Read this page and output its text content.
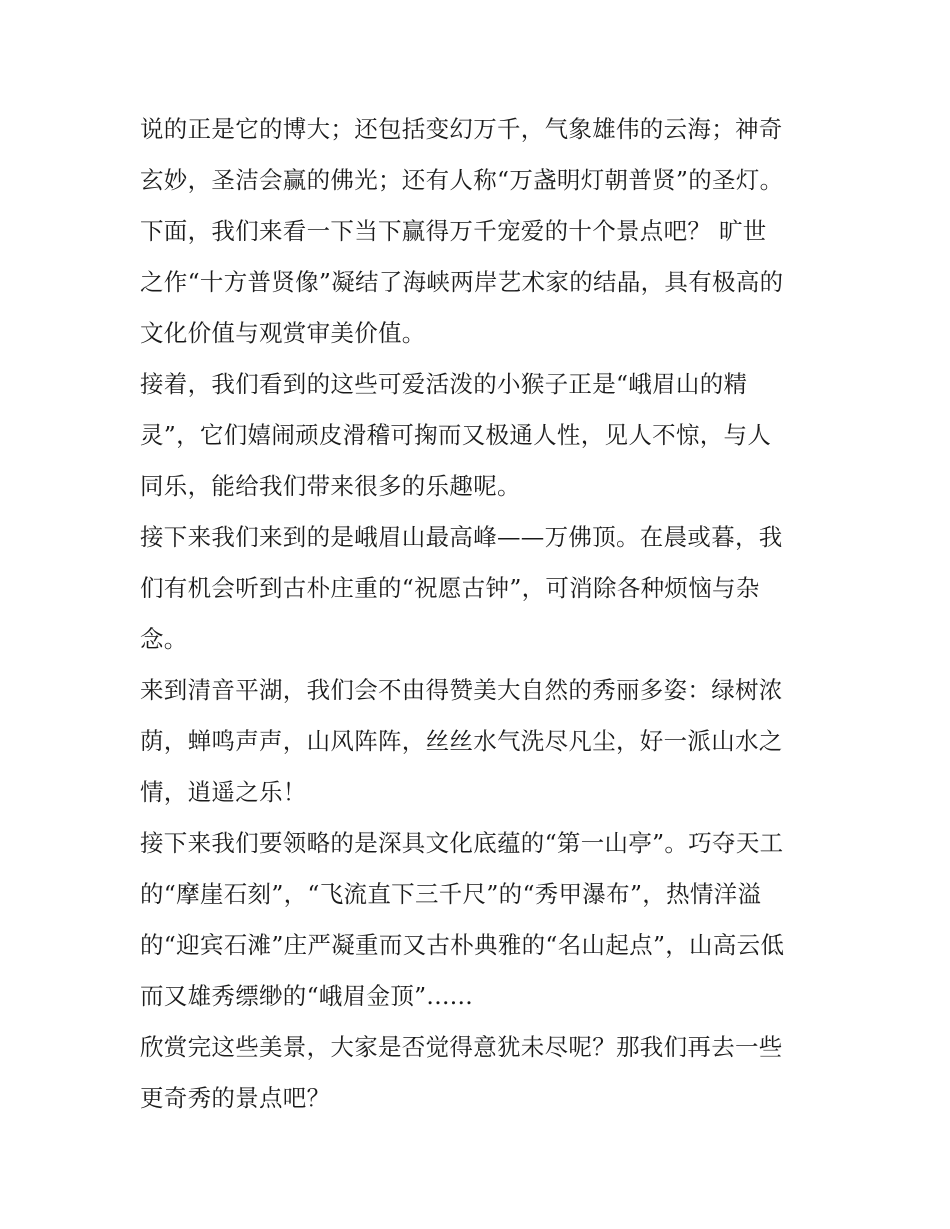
说的正是它的博大；还包括变幻万千，气象雄伟的云海；神奇
玄妙，圣洁会赢的佛光；还有人称“万盏明灯朝普贤”的圣灯。
下面，我们来看一下当下赢得万千宠爱的十个景点吧？ 旷世
之作“十方普贤像”凝结了海峡两岸艺术家的结晶，具有极高的
文化价值与观赏审美价值。
接着，我们看到的这些可爱活泼的小猴子正是“峨眉山的精
灵”，它们嬉闹顽皮滑稽可掬而又极通人性，见人不惊，与人
同乐，能给我们带来很多的乐趣呢。
接下来我们来到的是峨眉山最高峰——万佛顶。在晨或暮，我
们有机会听到古朴庄重的“祝愿古钟”，可消除各种烦恼与杂
念。
来到清音平湖，我们会不由得赞美大自然的秀丽多姿：绿树浓
荫，蝉鸣声声，山风阵阵，丝丝水气洗尽凡尘，好一派山水之
情，逍遥之乐！
接下来我们要领略的是深具文化底蕴的“第一山亭”。巧夺天工
的“摩崖石刻”，“飞流直下三千尺”的“秀甲瀑布”，热情洋溢
的“迎宾石滩”庄严凝重而又古朴典雅的“名山起点”，山高云低
而又雄秀缥缈的“峨眉金顶”......
欣赏完这些美景，大家是否觉得意犹未尽呢？那我们再去一些
更奇秀的景点吧？
